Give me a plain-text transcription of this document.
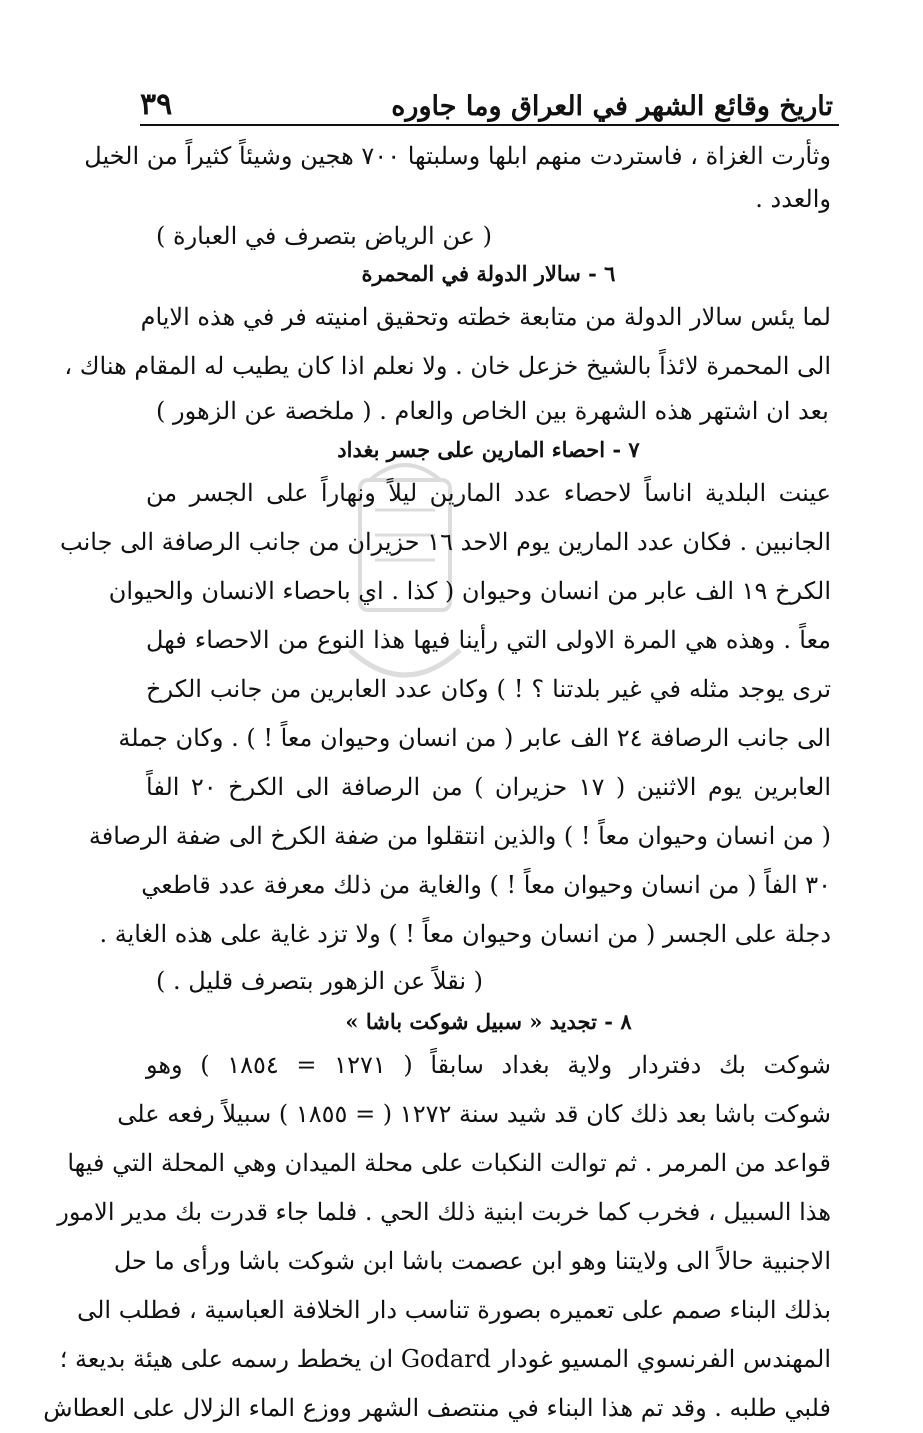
تاريخ وقائع الشهر في العراق وما جاوره
٣٩
وثأرت الغزاة ، فاستردت منهم ابلها وسلبتها ٧٠٠ هجين وشيئاً كثيراً من الخيل
والعدد .
( عن الرياض بتصرف في العبارة )
٦ - سالار الدولة في المحمرة
لما يئس سالار الدولة من متابعة خطته وتحقيق امنيته فر في هذه الايام
الى المحمرة لائذاً بالشيخ خزعل خان . ولا نعلم اذا كان يطيب له المقام هناك ،
بعد ان اشتهر هذه الشهرة بين الخاص والعام . ( ملخصة عن الزهور )
٧ - احصاء المارين على جسر بغداد
عينت البلدية اناساً لاحصاء عدد المارين ليلاً ونهاراً على الجسر من
الجانبين . فكان عدد المارين يوم الاحد ١٦ حزيران من جانب الرصافة الى جانب
الكرخ ١٩ الف عابر من انسان وحيوان ( كذا . اي باحصاء الانسان والحيوان
معاً . وهذه هي المرة الاولى التي رأينا فيها هذا النوع من الاحصاء فهل
ترى يوجد مثله في غير بلدتنا ؟ ! ) وكان عدد العابرين من جانب الكرخ
الى جانب الرصافة ٢٤ الف عابر ( من انسان وحيوان معاً ! ) . وكان جملة
العابرين يوم الاثنين ( ١٧ حزيران ) من الرصافة الى الكرخ ٢٠ الفاً
( من انسان وحيوان معاً ! ) والذين انتقلوا من ضفة الكرخ الى ضفة الرصافة
٣٠ الفاً ( من انسان وحيوان معاً ! ) والغاية من ذلك معرفة عدد قاطعي
دجلة على الجسر ( من انسان وحيوان معاً ! ) ولا تزد غاية على هذه الغاية .
( نقلاً عن الزهور بتصرف قليل . )
٨ - تجديد « سبيل شوكت باشا »
شوكت بك دفتردار ولاية بغداد سابقاً ( ١٢٧١ = ١٨٥٤ ) وهو
شوكت باشا بعد ذلك كان قد شيد سنة ١٢٧٢ ( = ١٨٥٥ ) سبيلاً رفعه على
قواعد من المرمر . ثم توالت النكبات على محلة الميدان وهي المحلة التي فيها
هذا السبيل ، فخرب كما خربت ابنية ذلك الحي . فلما جاء قدرت بك مدير الامور
الاجنبية حالاً الى ولايتنا وهو ابن عصمت باشا ابن شوكت باشا ورأى ما حل
بذلك البناء صمم على تعميره بصورة تناسب دار الخلافة العباسية ، فطلب الى
المهندس الفرنسوي المسيو غودار Godard ان يخطط رسمه على هيئة بديعة ؛
فلبي طلبه . وقد تم هذا البناء في منتصف الشهر ووزع الماء الزلال على العطاش
